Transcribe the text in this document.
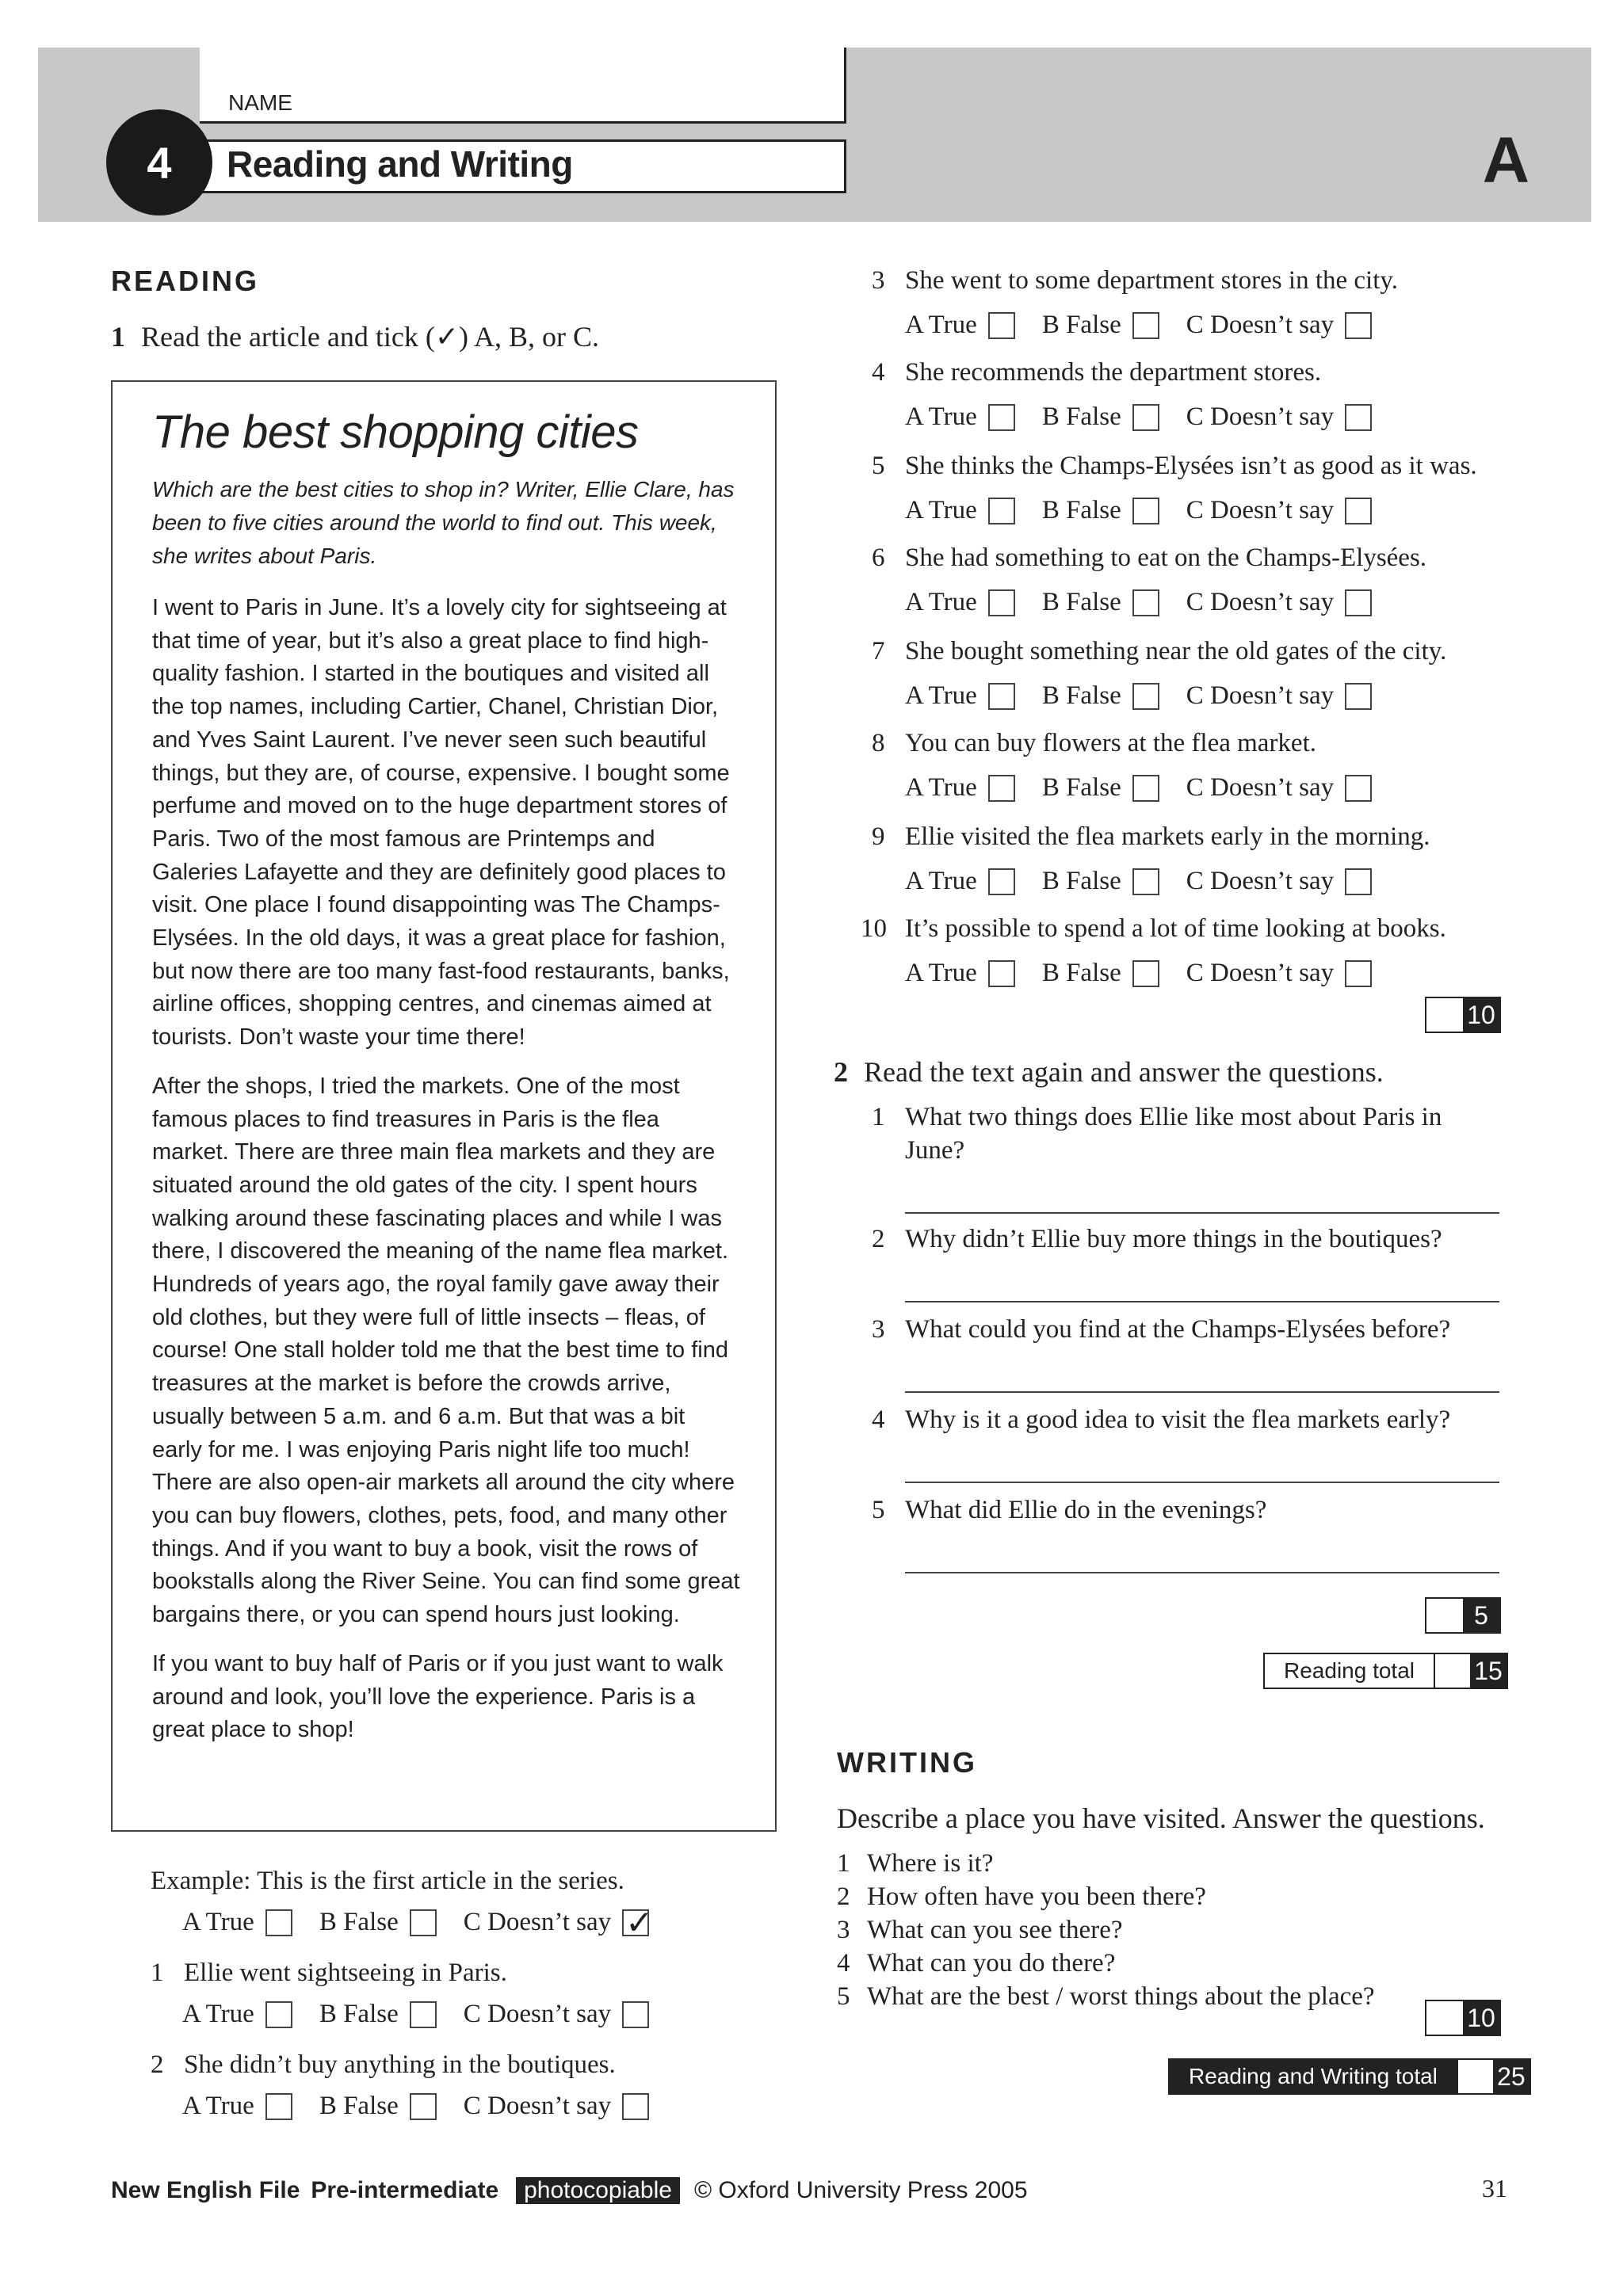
NAME
Reading and Writing
4	A
READING
1 Read the article and tick (✓) A, B, or C.
The best shopping cities
Which are the best cities to shop in? Writer, Ellie Clare, has been to five cities around the world to find out. This week, she writes about Paris.

I went to Paris in June. It’s a lovely city for sightseeing at that time of year, but it’s also a great place to find high-quality fashion. I started in the boutiques and visited all the top names, including Cartier, Chanel, Christian Dior, and Yves Saint Laurent. I’ve never seen such beautiful things, but they are, of course, expensive. I bought some perfume and moved on to the huge department stores of Paris. Two of the most famous are Printemps and Galeries Lafayette and they are definitely good places to visit. One place I found disappointing was The Champs-Elysées. In the old days, it was a great place for fashion, but now there are too many fast-food restaurants, banks, airline offices, shopping centres, and cinemas aimed at tourists. Don’t waste your time there!

After the shops, I tried the markets. One of the most famous places to find treasures in Paris is the flea market. There are three main flea markets and they are situated around the old gates of the city. I spent hours walking around these fascinating places and while I was there, I discovered the meaning of the name flea market. Hundreds of years ago, the royal family gave away their old clothes, but they were full of little insects – fleas, of course! One stall holder told me that the best time to find treasures at the market is before the crowds arrive, usually between 5 a.m. and 6 a.m. But that was a bit early for me. I was enjoying Paris night life too much! There are also open-air markets all around the city where you can buy flowers, clothes, pets, food, and many other things. And if you want to buy a book, visit the rows of bookstalls along the River Seine. You can find some great bargains there, or you can spend hours just looking.

If you want to buy half of Paris or if you just want to walk around and look, you’ll love the experience. Paris is a great place to shop!

Example: This is the first article in the series.
A True B False C Doesn’t say
✓
1 Ellie went sightseeing in Paris.
A True B False C Doesn’t say
2 She didn’t buy anything in the boutiques.
A True B False C Doesn’t say
3 She went to some department stores in the city.
A True B False C Doesn’t say
4 She recommends the department stores.
A True B False C Doesn’t say
5 She thinks the Champs-Elysées isn’t as good as it was.
A True B False C Doesn’t say
6 She had something to eat on the Champs-Elysées.
A True B False C Doesn’t say
7 She bought something near the old gates of the city.
A True B False C Doesn’t say
8 You can buy flowers at the flea market.
A True B False C Doesn’t say
9 Ellie visited the flea markets early in the morning.
A True B False C Doesn’t say
10 It’s possible to spend a lot of time looking at books.
A True B False C Doesn’t say
10
2 Read the text again and answer the questions.
1 What two things does Ellie like most about Paris in
June?
2 Why didn’t Ellie buy more things in the boutiques?
3 What could you find at the Champs-Elysées before?
4 Why is it a good idea to visit the flea markets early?
5 What did Ellie do in the evenings?
5
Reading total	15
WRITING
Describe a place you have visited. Answer the questions.
1 Where is it?
2 How often have you been there?
3 What can you see there?
4 What can you do there?
5 What are the best / worst things about the place?
10
Reading and Writing total	25
New English File Pre-intermediate	photocopiable © Oxford University Press 2005	31
